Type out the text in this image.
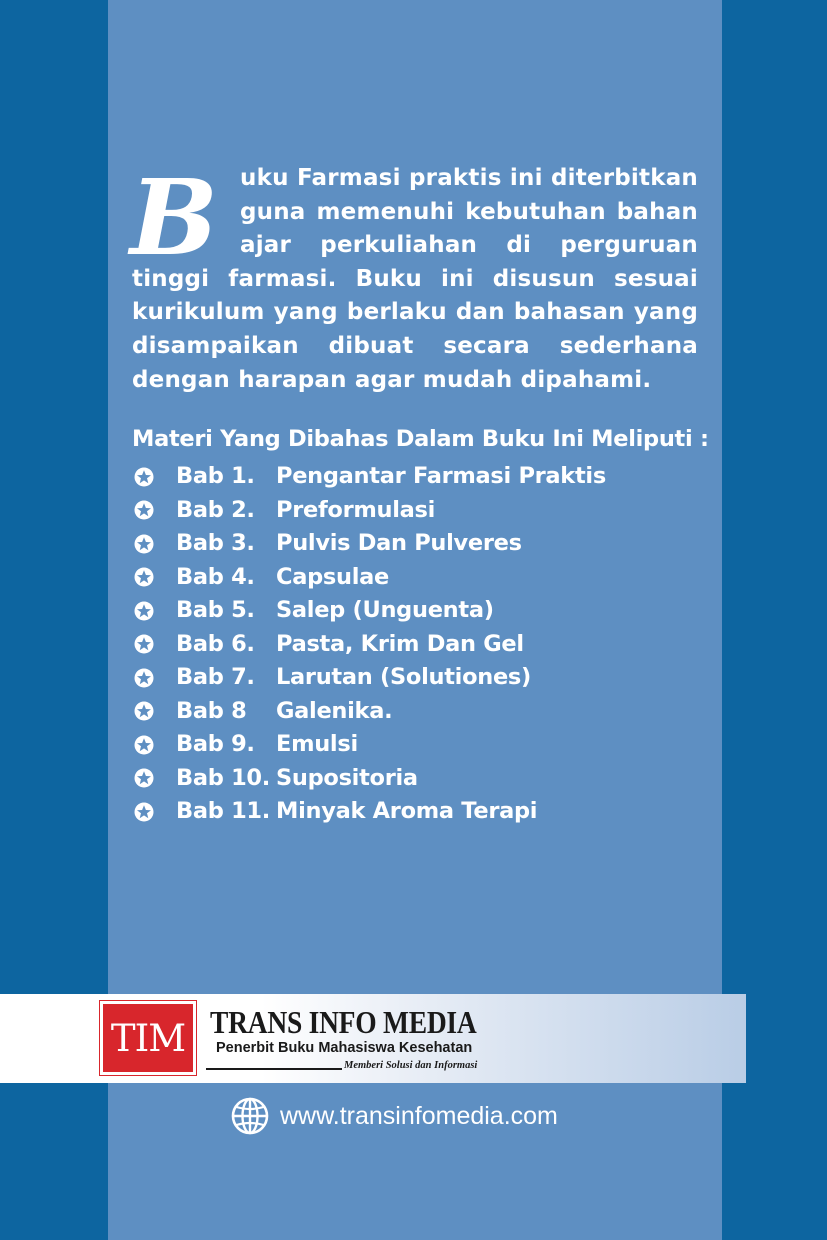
B uku Farmasi praktis ini diterbitkan guna memenuhi kebutuhan bahan ajar perkuliahan di perguruan tinggi farmasi. Buku ini disusun sesuai kurikulum yang berlaku dan bahasan yang disampaikan dibuat secara sederhana dengan harapan agar mudah dipahami.
Materi Yang Dibahas Dalam Buku Ini Meliputi :
Bab 1. Pengantar Farmasi Praktis
Bab 2. Preformulasi
Bab 3. Pulvis Dan Pulveres
Bab 4. Capsulae
Bab 5. Salep (Unguenta)
Bab 6. Pasta, Krim Dan Gel
Bab 7. Larutan (Solutiones)
Bab 8	Galenika.
Bab 9. Emulsi
Bab 10. Supositoria
Bab 11. Minyak Aroma Terapi
TIM TRANS INFO MEDIA
Penerbit Buku Mahasiswa Kesehatan
Memberi Solusi dan Informasi
www.transinfomedia.com
